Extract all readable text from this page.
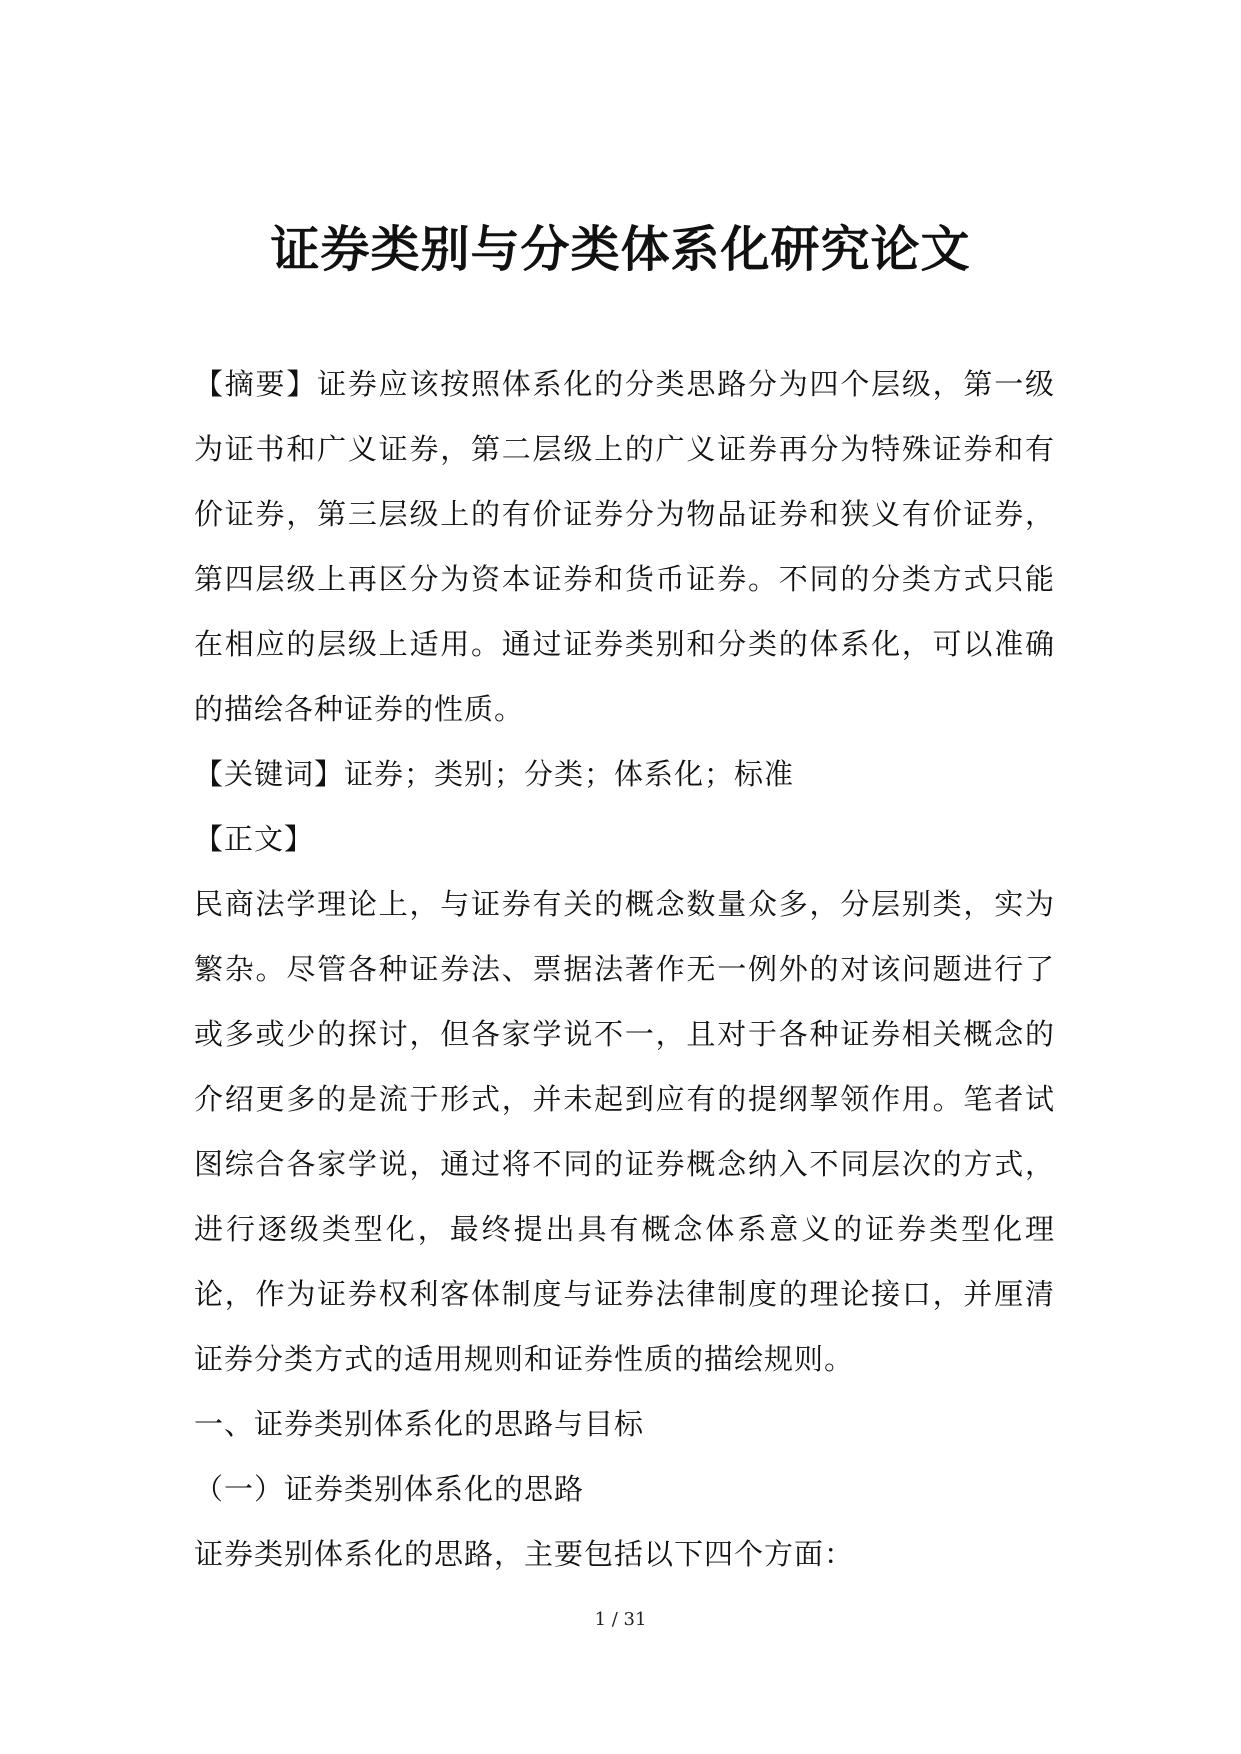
证券类别与分类体系化研究论文

【摘要】证券应该按照体系化的分类思路分为四个层级，第一级为证书和广义证券，第二层级上的广义证券再分为特殊证券和有价证券，第三层级上的有价证券分为物品证券和狭义有价证券，第四层级上再区分为资本证券和货币证券。不同的分类方式只能在相应的层级上适用。通过证券类别和分类的体系化，可以准确的描绘各种证券的性质。

【关键词】证券；类别；分类；体系化；标准

【正文】

民商法学理论上，与证券有关的概念数量众多，分层别类，实为繁杂。尽管各种证券法、票据法著作无一例外的对该问题进行了或多或少的探讨，但各家学说不一，且对于各种证券相关概念的介绍更多的是流于形式，并未起到应有的提纲挈领作用。笔者试图综合各家学说，通过将不同的证券概念纳入不同层次的方式，进行逐级类型化，最终提出具有概念体系意义的证券类型化理论，作为证券权利客体制度与证券法律制度的理论接口，并厘清证券分类方式的适用规则和证券性质的描绘规则。

一、证券类别体系化的思路与目标

（一）证券类别体系化的思路

证券类别体系化的思路，主要包括以下四个方面：

1 / 31
